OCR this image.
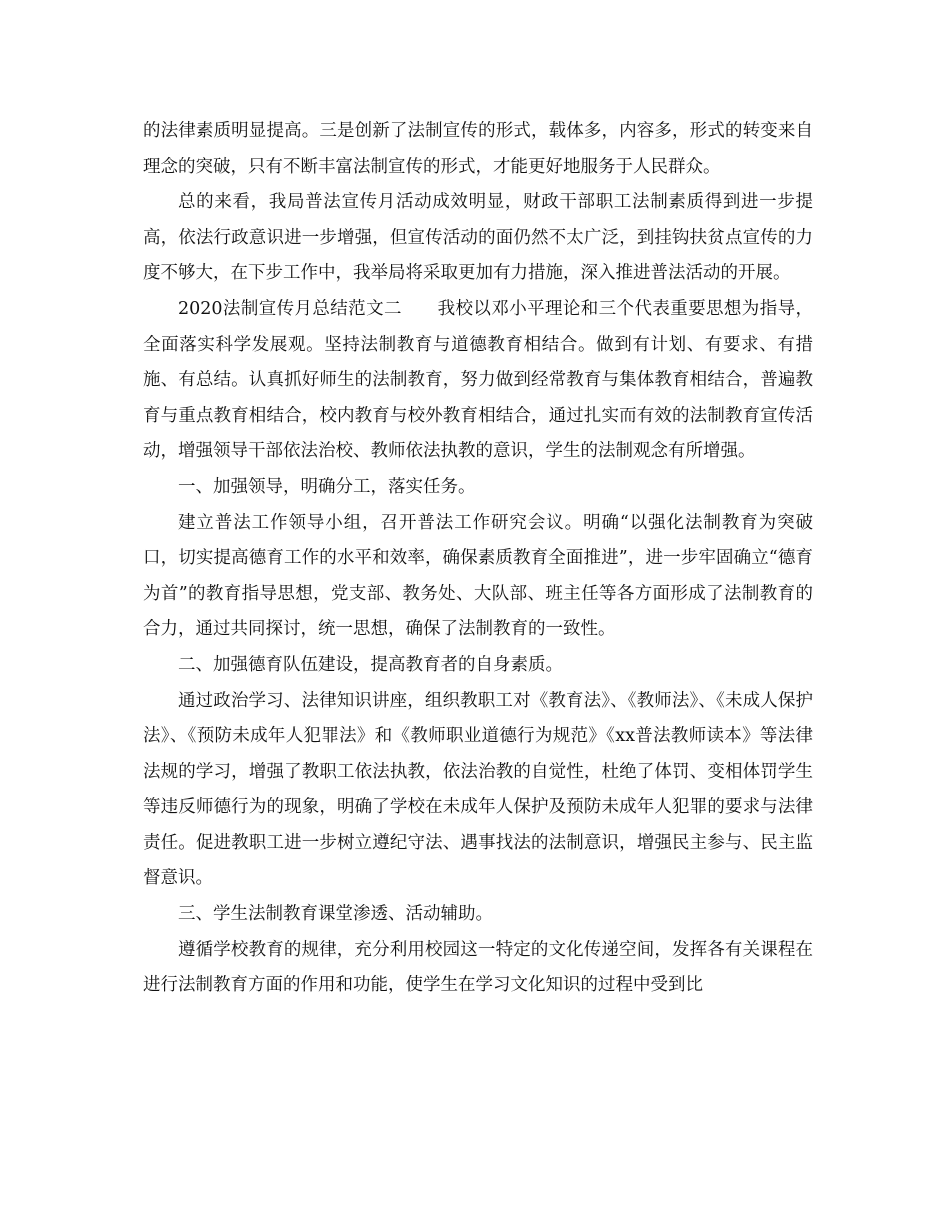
的法律素质明显提高。三是创新了法制宣传的形式，载体多，内容多，形式的转变来自理念的突破，只有不断丰富法制宣传的形式，才能更好地服务于人民群众。

总的来看，我局普法宣传月活动成效明显，财政干部职工法制素质得到进一步提高，依法行政意识进一步增强，但宣传活动的面仍然不太广泛，到挂钩扶贫点宣传的力度不够大，在下步工作中，我举局将采取更加有力措施，深入推进普法活动的开展。

2020法制宣传月总结范文二　　我校以邓小平理论和三个代表重要思想为指导，全面落实科学发展观。坚持法制教育与道德教育相结合。做到有计划、有要求、有措施、有总结。认真抓好师生的法制教育，努力做到经常教育与集体教育相结合，普遍教育与重点教育相结合，校内教育与校外教育相结合，通过扎实而有效的法制教育宣传活动，增强领导干部依法治校、教师依法执教的意识，学生的法制观念有所增强。

一、加强领导，明确分工，落实任务。

建立普法工作领导小组，召开普法工作研究会议。明确“以强化法制教育为突破口，切实提高德育工作的水平和效率，确保素质教育全面推进”，进一步牢固确立“德育为首”的教育指导思想，党支部、教务处、大队部、班主任等各方面形成了法制教育的合力，通过共同探讨，统一思想，确保了法制教育的一致性。

二、加强德育队伍建设，提高教育者的自身素质。

通过政治学习、法律知识讲座，组织教职工对《教育法》、《教师法》、《未成人保护法》、《预防未成年人犯罪法》和《教师职业道德行为规范》《xx普法教师读本》等法律法规的学习，增强了教职工依法执教，依法治教的自觉性，杜绝了体罚、变相体罚学生等违反师德行为的现象，明确了学校在未成年人保护及预防未成年人犯罪的要求与法律责任。促进教职工进一步树立遵纪守法、遇事找法的法制意识，增强民主参与、民主监督意识。

三、学生法制教育课堂渗透、活动辅助。

遵循学校教育的规律，充分利用校园这一特定的文化传递空间，发挥各有关课程在进行法制教育方面的作用和功能，使学生在学习文化知识的过程中受到比
